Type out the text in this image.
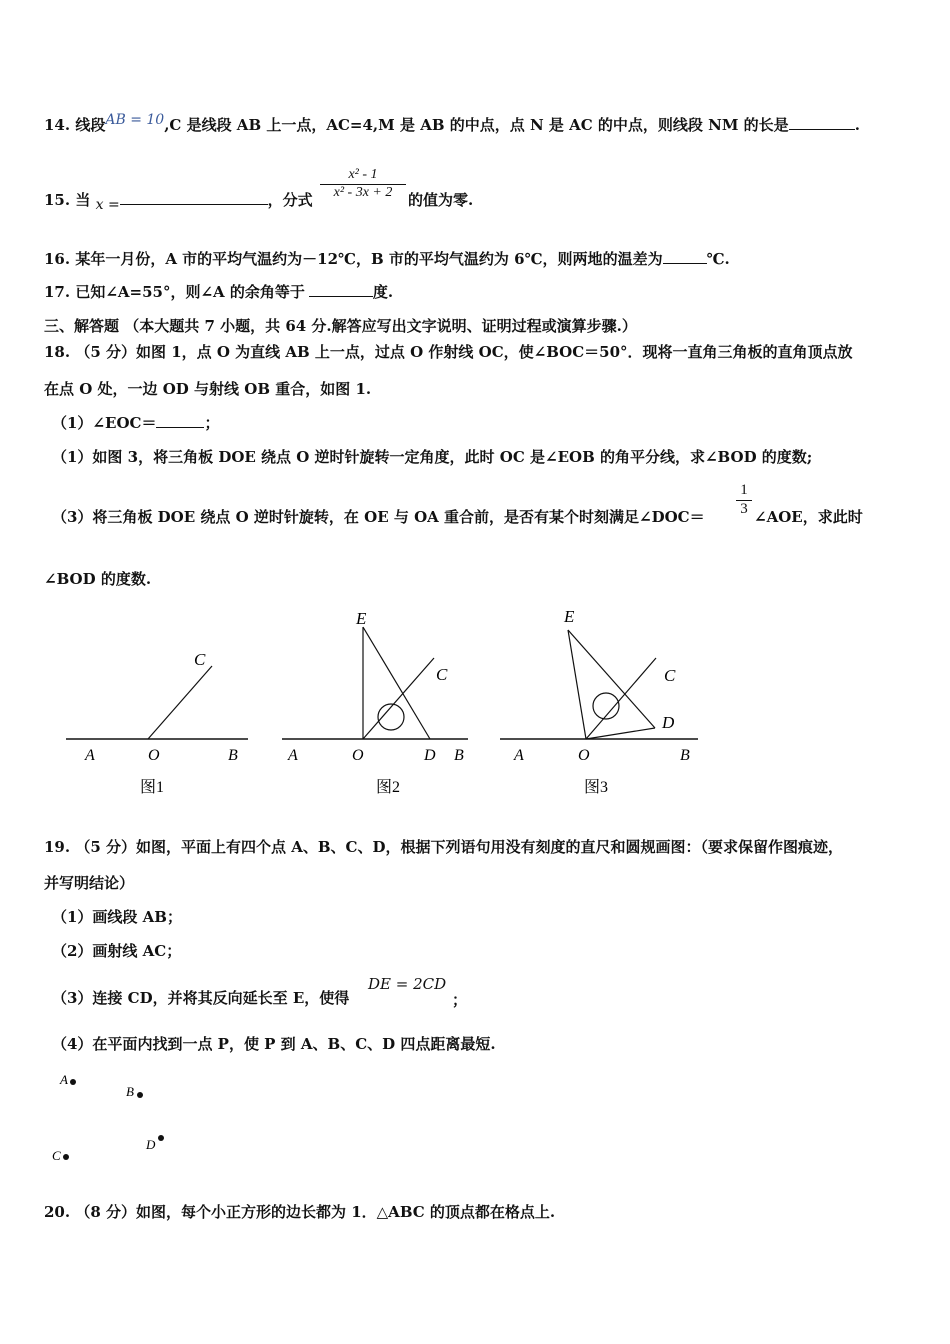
14. 线段AB = 10,C 是线段 AB 上一点，AC=4,M 是 AB 的中点，点 N 是 AC 的中点，则线段 NM 的长是	.
15. 当 x =	，分式
x² - 1
x² - 3x + 2	的值为零.
16. 某年一月份，A 市的平均气温约为－12℃，B 市的平均气温约为 6℃，则两地的温差为	℃.
17. 已知∠A=55°，则∠A 的余角等于	度.
三、解答题 （本大题共 7 小题，共 64 分.解答应写出文字说明、证明过程或演算步骤.）
18. （5 分）如图 1，点 O 为直线 AB 上一点，过点 O 作射线 OC，使∠BOC＝50°．现将一直角三角板的直角顶点放
在点 O 处，一边 OD 与射线 OB 重合，如图 1.
（1）∠EOC＝	；
（1）如图 3，将三角板 DOE 绕点 O 逆时针旋转一定角度，此时 OC 是∠EOB 的角平分线，求∠BOD 的度数;
（3）将三角板 DOE 绕点 O 逆时针旋转，在 OE 与 OA 重合前，是否有某个时刻满足∠DOC＝
1
3 ∠AOE，求此时
∠BOD 的度数.
C
A	O	B
图1
E
C
A	O	D B
图2
E
C
D
A	O	B
图3
19. （5 分）如图，平面上有四个点 A、B、C、D，根据下列语句用没有刻度的直尺和圆规画图：（要求保留作图痕迹，
并写明结论）
（1）画线段 AB；
（2）画射线 AC；
（3）连接 CD，并将其反向延长至 E，使得
DE = 2CD
；
（4）在平面内找到一点 P，使 P 到 A、B、C、D 四点距离最短.
A
B
D
C
20. （8 分）如图，每个小正方形的边长都为 1．△ABC 的顶点都在格点上.
